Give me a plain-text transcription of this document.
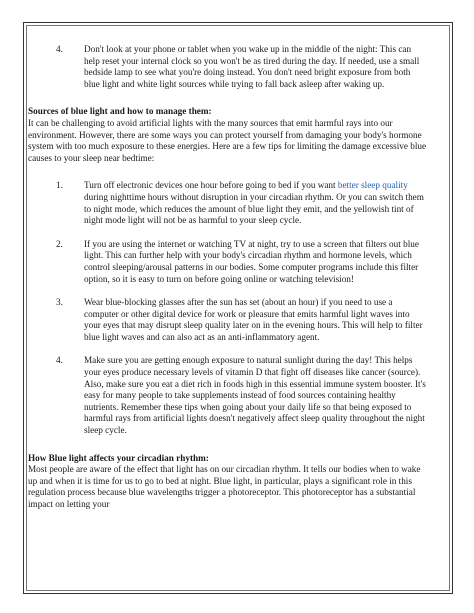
4.	Don't look at your phone or tablet when you wake up in the middle of the night: This can help reset your internal clock so you won't be as tired during the day. If needed, use a small bedside lamp to see what you're doing instead. You don't need bright exposure from both blue light and white light sources while trying to fall back asleep after waking up.

Sources of blue light and how to manage them:

It can be challenging to avoid artificial lights with the many sources that emit harmful rays into our environment. However, there are some ways you can protect yourself from damaging your body's hormone system with too much exposure to these energies. Here are a few tips for limiting the damage excessive blue causes to your sleep near bedtime:

1.	Turn off electronic devices one hour before going to bed if you want better sleep quality during nighttime hours without disruption in your circadian rhythm. Or you can switch them to night mode, which reduces the amount of blue light they emit, and the yellowish tint of night mode light will not be as harmful to your sleep cycle.
2.	If you are using the internet or watching TV at night, try to use a screen that filters out blue light. This can further help with your body's circadian rhythm and hormone levels, which control sleeping/arousal patterns in our bodies. Some computer programs include this filter option, so it is easy to turn on before going online or watching television!
3.	Wear blue-blocking glasses after the sun has set (about an hour) if you need to use a computer or other digital device for work or pleasure that emits harmful light waves into your eyes that may disrupt sleep quality later on in the evening hours. This will help to filter blue light waves and can also act as an anti-inflammatory agent.
4.	Make sure you are getting enough exposure to natural sunlight during the day! This helps your eyes produce necessary levels of vitamin D that fight off diseases like cancer (source). Also, make sure you eat a diet rich in foods high in this essential immune system booster. It's easy for many people to take supplements instead of food sources containing healthy nutrients. Remember these tips when going about your daily life so that being exposed to harmful rays from artificial lights doesn't negatively affect sleep quality throughout the night sleep cycle.

How Blue light affects your circadian rhythm:

Most people are aware of the effect that light has on our circadian rhythm. It tells our bodies when to wake up and when it is time for us to go to bed at night. Blue light, in particular, plays a significant role in this regulation process because blue wavelengths trigger a photoreceptor. This photoreceptor has a substantial impact on letting your
